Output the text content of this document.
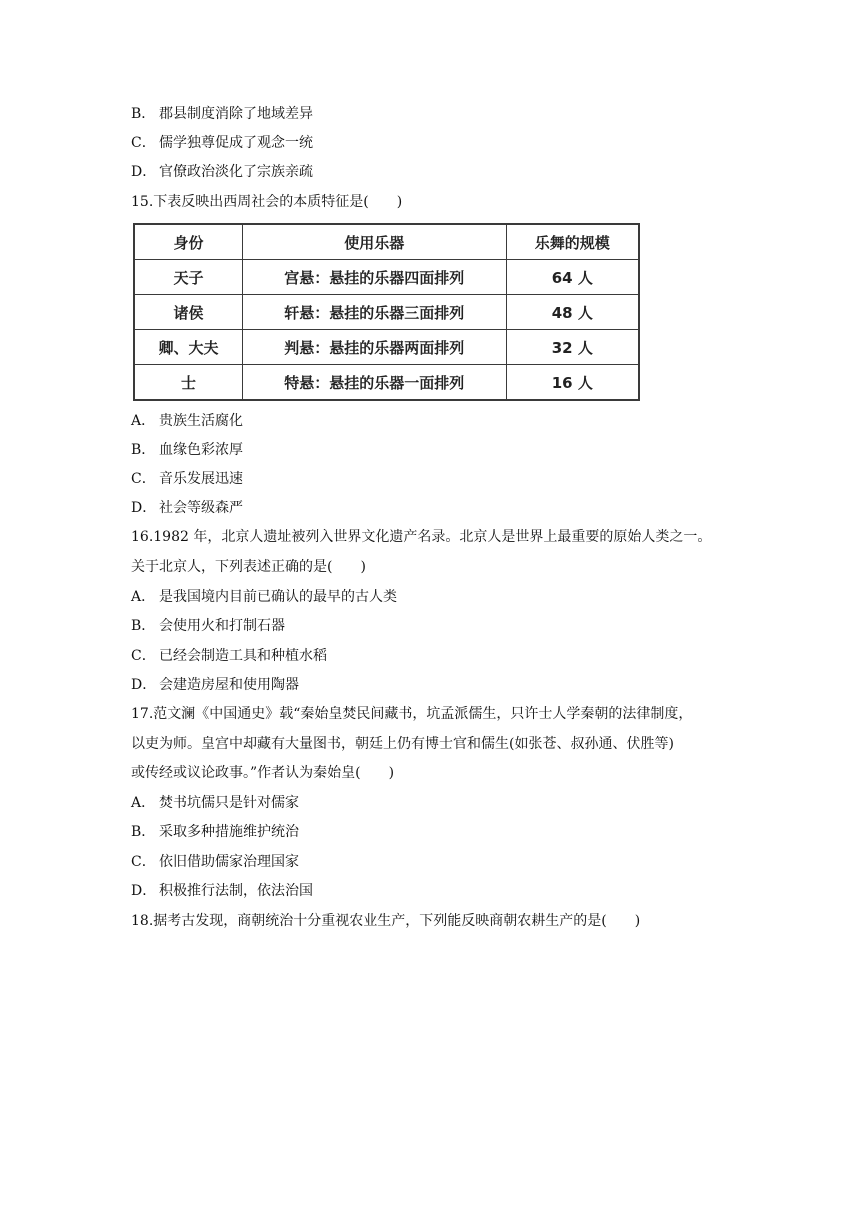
B． 郡县制度消除了地域差异
C． 儒学独尊促成了观念一统
D． 官僚政治淡化了宗族亲疏
15.下表反映出西周社会的本质特征是(　　)
身份	使用乐器	乐舞的规模
天子	宫悬：悬挂的乐器四面排列	64 人
诸侯	轩悬：悬挂的乐器三面排列	48 人
卿、大夫	判悬：悬挂的乐器两面排列	32 人
士	特悬：悬挂的乐器一面排列	16 人
A． 贵族生活腐化
B． 血缘色彩浓厚
C． 音乐发展迅速
D． 社会等级森严
16.1982 年，北京人遗址被列入世界文化遗产名录。北京人是世界上最重要的原始人类之一。
关于北京人，下列表述正确的是(　　)
A． 是我国境内目前已确认的最早的古人类
B． 会使用火和打制石器
C． 已经会制造工具和种植水稻
D． 会建造房屋和使用陶器
17.范文澜《中国通史》载“秦始皇焚民间藏书，坑孟派儒生，只许士人学秦朝的法律制度，
以吏为师。皇宫中却藏有大量图书，朝廷上仍有博士官和儒生(如张苍、叔孙通、伏胜等)
或传经或议论政事。”作者认为秦始皇(　　)
A． 焚书坑儒只是针对儒家
B． 采取多种措施维护统治
C． 依旧借助儒家治理国家
D． 积极推行法制，依法治国
18.据考古发现，商朝统治十分重视农业生产，下列能反映商朝农耕生产的是(　　)
